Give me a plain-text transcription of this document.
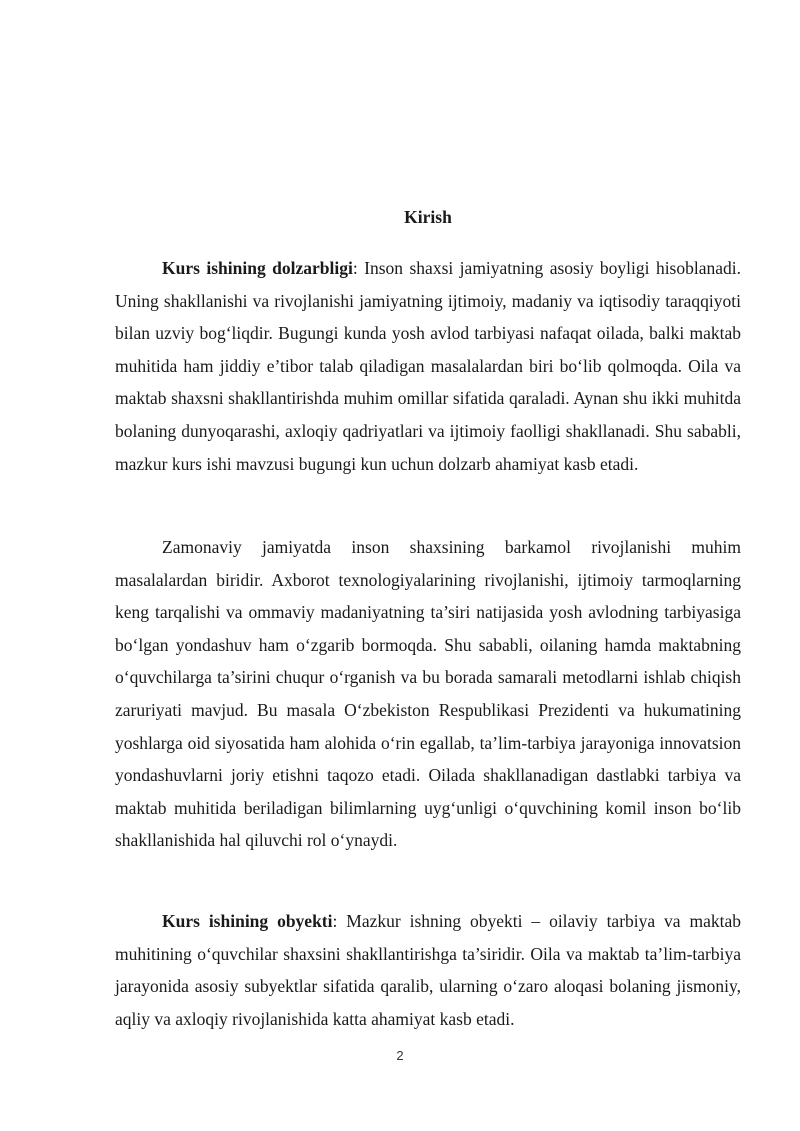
Kirish

Kurs ishining dolzarbligi: Inson shaxsi jamiyatning asosiy boyligi hisoblanadi. Uning shakllanishi va rivojlanishi jamiyatning ijtimoiy, madaniy va iqtisodiy taraqqiyoti bilan uzviy bog‘liqdir. Bugungi kunda yosh avlod tarbiyasi nafaqat oilada, balki maktab muhitida ham jiddiy e’tibor talab qiladigan masalalardan biri bo‘lib qolmoqda. Oila va maktab shaxsni shakllantirishda muhim omillar sifatida qaraladi. Aynan shu ikki muhitda bolaning dunyoqarashi, axloqiy qadriyatlari va ijtimoiy faolligi shakllanadi. Shu sababli, mazkur kurs ishi mavzusi bugungi kun uchun dolzarb ahamiyat kasb etadi.

Zamonaviy jamiyatda inson shaxsining barkamol rivojlanishi muhim masalalardan biridir. Axborot texnologiyalarining rivojlanishi, ijtimoiy tarmoqlarning keng tarqalishi va ommaviy madaniyatning ta’siri natijasida yosh avlodning tarbiyasiga bo‘lgan yondashuv ham o‘zgarib bormoqda. Shu sababli, oilaning hamda maktabning o‘quvchilarga ta’sirini chuqur o‘rganish va bu borada samarali metodlarni ishlab chiqish zaruriyati mavjud. Bu masala O‘zbekiston Respublikasi Prezidenti va hukumatining yoshlarga oid siyosatida ham alohida o‘rin egallab, ta’lim-tarbiya jarayoniga innovatsion yondashuvlarni joriy etishni taqozo etadi. Oilada shakllanadigan dastlabki tarbiya va maktab muhitida beriladigan bilimlarning uyg‘unligi o‘quvchining komil inson bo‘lib shakllanishida hal qiluvchi rol o‘ynaydi.

Kurs ishining obyekti: Mazkur ishning obyekti – oilaviy tarbiya va maktab muhitining o‘quvchilar shaxsini shakllantirishga ta’siridir. Oila va maktab ta’lim-tarbiya jarayonida asosiy subyektlar sifatida qaralib, ularning o‘zaro aloqasi bolaning jismoniy, aqliy va axloqiy rivojlanishida katta ahamiyat kasb etadi.

2
